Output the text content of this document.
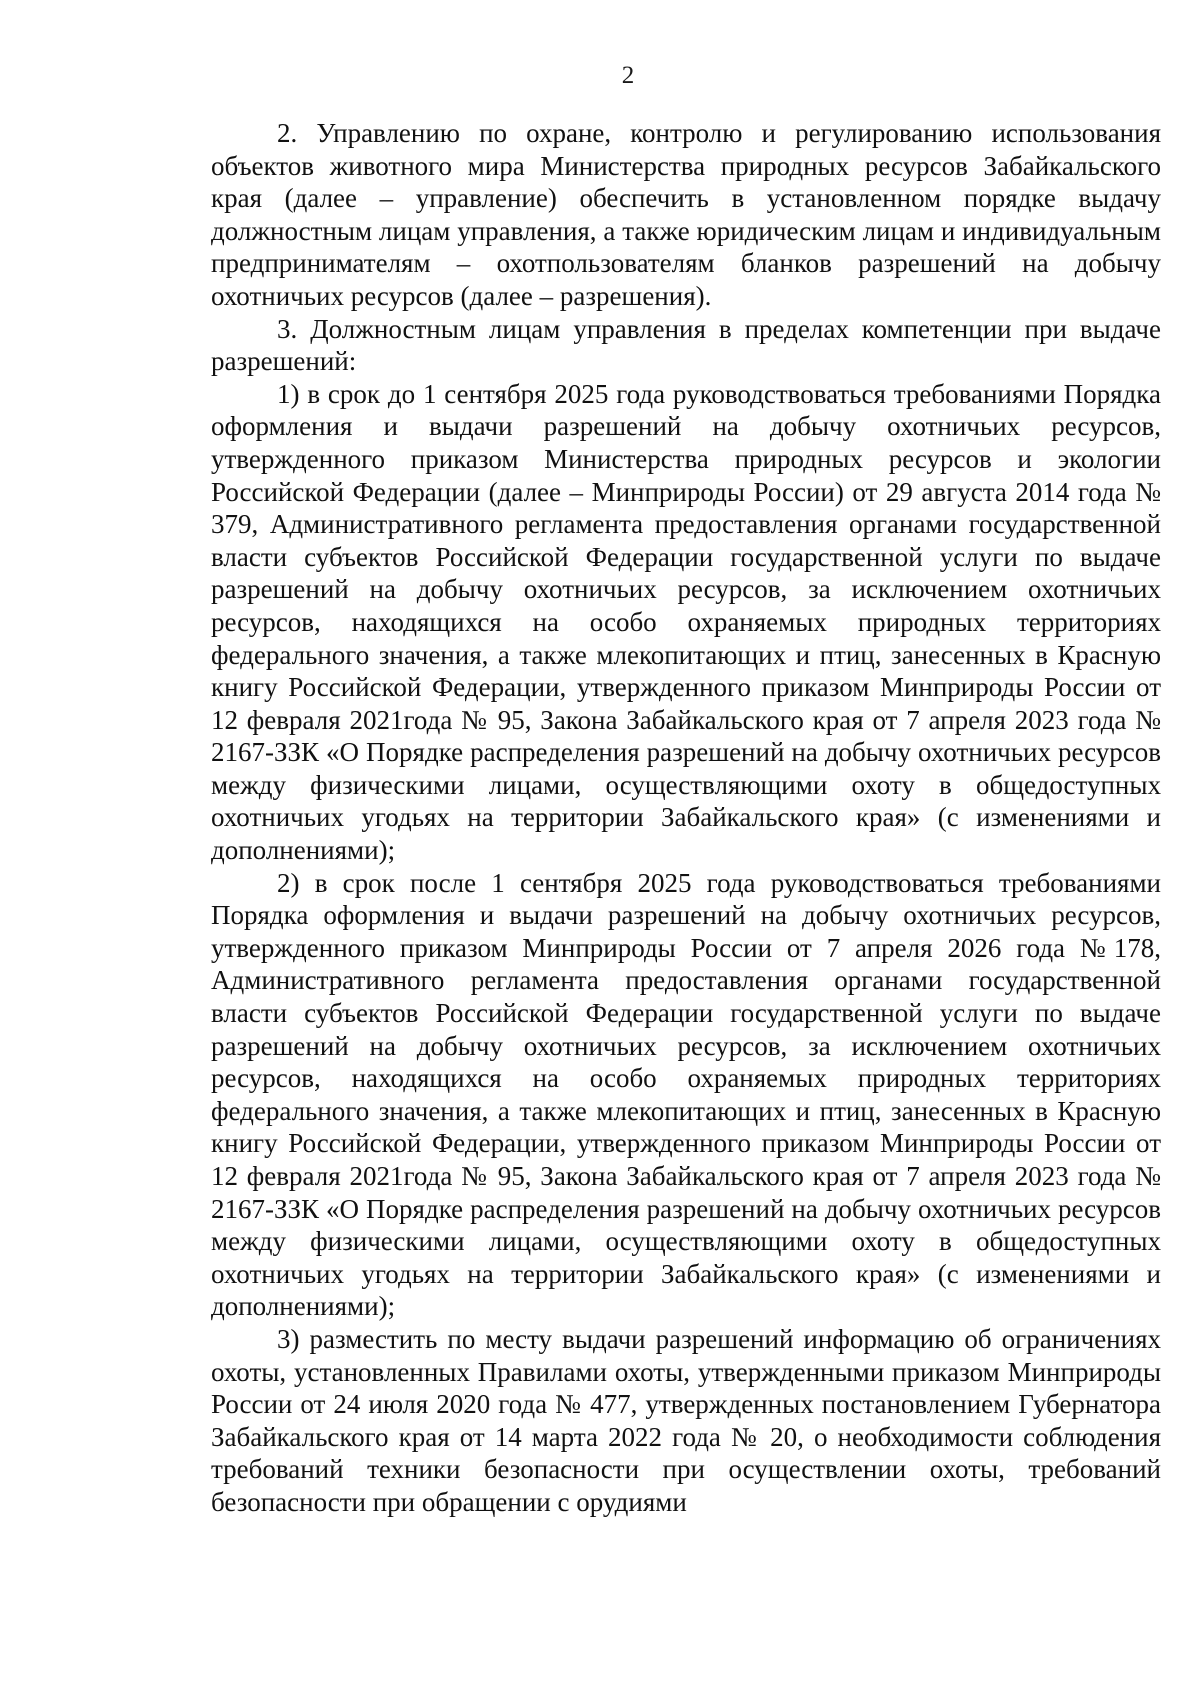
2

2. Управлению по охране, контролю и регулированию использования объектов животного мира Министерства природных ресурсов Забайкальского края (далее – управление) обеспечить в установленном порядке выдачу должностным лицам управления, а также юридическим лицам и индивидуальным предпринимателям – охотпользователям бланков разрешений на добычу охотничьих ресурсов (далее – разрешения).

3. Должностным лицам управления в пределах компетенции при выдаче разрешений:

1) в срок до 1 сентября 2025 года руководствоваться требованиями Порядка оформления и выдачи разрешений на добычу охотничьих ресурсов, утвержденного приказом Министерства природных ресурсов и экологии Российской Федерации (далее – Минприроды России) от 29 августа 2014 года № 379, Административного регламента предоставления органами государственной власти субъектов Российской Федерации государственной услуги по выдаче разрешений на добычу охотничьих ресурсов, за исключением охотничьих ресурсов, находящихся на особо охраняемых природных территориях федерального значения, а также млекопитающих и птиц, занесенных в Красную книгу Российской Федерации, утвержденного приказом Минприроды России от 12 февраля 2021года № 95, Закона Забайкальского края от 7 апреля 2023 года № 2167-ЗЗК «О Порядке распределения разрешений на добычу охотничьих ресурсов между физическими лицами, осуществляющими охоту в общедоступных охотничьих угодьях на территории Забайкальского края» (с изменениями и дополнениями);

2) в срок после 1 сентября 2025 года руководствоваться требованиями Порядка оформления и выдачи разрешений на добычу охотничьих ресурсов, утвержденного приказом Минприроды России от 7 апреля 2026 года №178, Административного регламента предоставления органами государственной власти субъектов Российской Федерации государственной услуги по выдаче разрешений на добычу охотничьих ресурсов, за исключением охотничьих ресурсов, находящихся на особо охраняемых природных территориях федерального значения, а также млекопитающих и птиц, занесенных в Красную книгу Российской Федерации, утвержденного приказом Минприроды России от 12 февраля 2021года № 95, Закона Забайкальского края от 7 апреля 2023 года № 2167-ЗЗК «О Порядке распределения разрешений на добычу охотничьих ресурсов между физическими лицами, осуществляющими охоту в общедоступных охотничьих угодьях на территории Забайкальского края» (с изменениями и дополнениями);

3) разместить по месту выдачи разрешений информацию об ограничениях охоты, установленных Правилами охоты, утвержденными приказом Минприроды России от 24 июля 2020 года № 477, утвержденных постановлением Губернатора Забайкальского края от 14 марта 2022 года № 20, о необходимости соблюдения требований техники безопасности при осуществлении охоты, требований безопасности при обращении с орудиями
